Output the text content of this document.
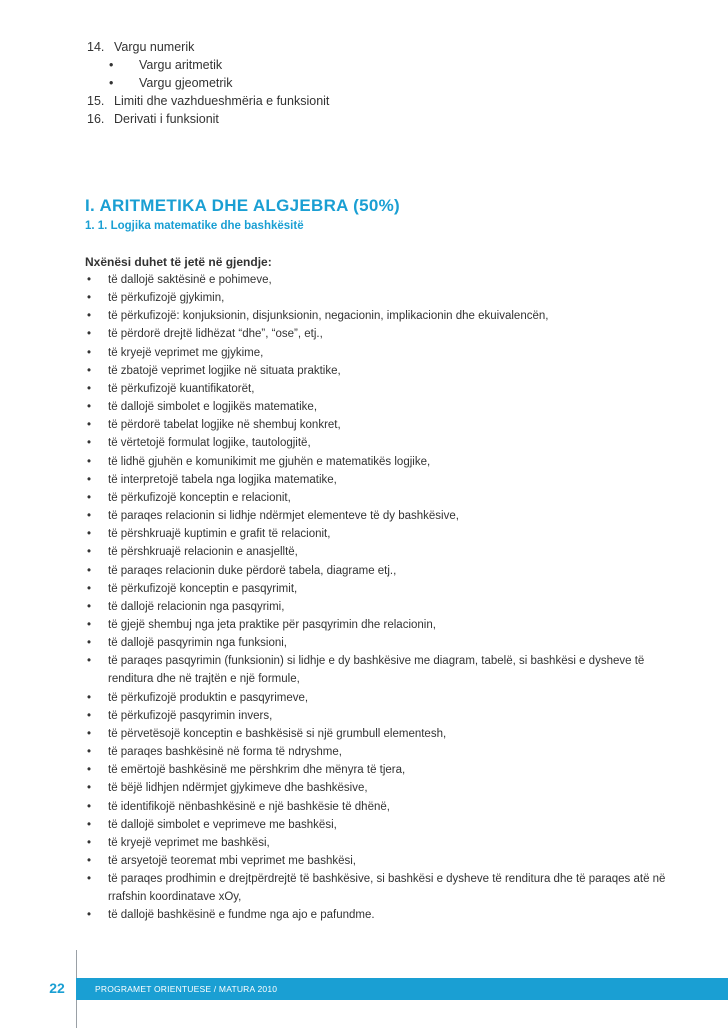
14. Vargu numerik
• Vargu aritmetik
• Vargu gjeometrik
15. Limiti dhe vazhdueshmëria e funksionit
16. Derivati i funksionit
I. ARITMETIKA DHE ALGJEBRA (50%)
1. 1. Logjika matematike dhe bashkësitë
Nxënësi duhet të jetë në gjendje:
• të dallojë saktësinë e pohimeve,
• të përkufizojë gjykimin,
• të përkufizojë: konjuksionin, disjunksionin, negacionin, implikacionin dhe ekuivalencën,
• të përdorë drejtë lidhëzat “dhe”, “ose”, etj.,
• të kryejë veprimet me gjykime,
• të zbatojë veprimet logjike në situata praktike,
• të përkufizojë kuantifikatorët,
• të dallojë simbolet e logjikës matematike,
• të përdorë tabelat logjike në shembuj konkret,
• të vërtetojë formulat logjike, tautologjitë,
• të lidhë gjuhën e komunikimit me gjuhën e matematikës logjike,
• të interpretojë tabela nga logjika matematike,
• të përkufizojë konceptin e relacionit,
• të paraqes relacionin si lidhje ndërmjet elementeve të dy bashkësive,
• të përshkruajë kuptimin e grafit të relacionit,
• të përshkruajë relacionin e anasjelltë,
• të paraqes relacionin duke përdorë tabela, diagrame etj.,
• të përkufizojë konceptin e pasqyrimit,
• të dallojë relacionin nga pasqyrimi,
• të gjejë shembuj nga jeta praktike për pasqyrimin dhe relacionin,
• të dallojë pasqyrimin nga funksioni,
• të paraqes pasqyrimin (funksionin) si lidhje e dy bashkësive me diagram, tabelë, si bashkësi e dysheve të renditura dhe në trajtën e një formule,
• të përkufizojë produktin e pasqyrimeve,
• të përkufizojë pasqyrimin invers,
• të përvetësojë konceptin e bashkësisë si një grumbull elementesh,
• të paraqes bashkësinë në forma të ndryshme,
• të emërtojë bashkësinë me përshkrim dhe mënyra të tjera,
• të bëjë lidhjen ndërmjet gjykimeve dhe bashkësive,
• të identifikojë nënbashkësinë e një bashkësie të dhënë,
• të dallojë simbolet e veprimeve me bashkësi,
• të kryejë veprimet me bashkësi,
• të arsyetojë teoremat mbi veprimet me bashkësi,
• të paraqes prodhimin e drejtpërdrejtë të bashkësive, si bashkësi e dysheve të renditura dhe të paraqes atë në rrafshin koordinatave xOy,
• të dallojë bashkësinë e fundme nga ajo e pafundme.
22	PROGRAMET ORIENTUESE / MATURA 2010
